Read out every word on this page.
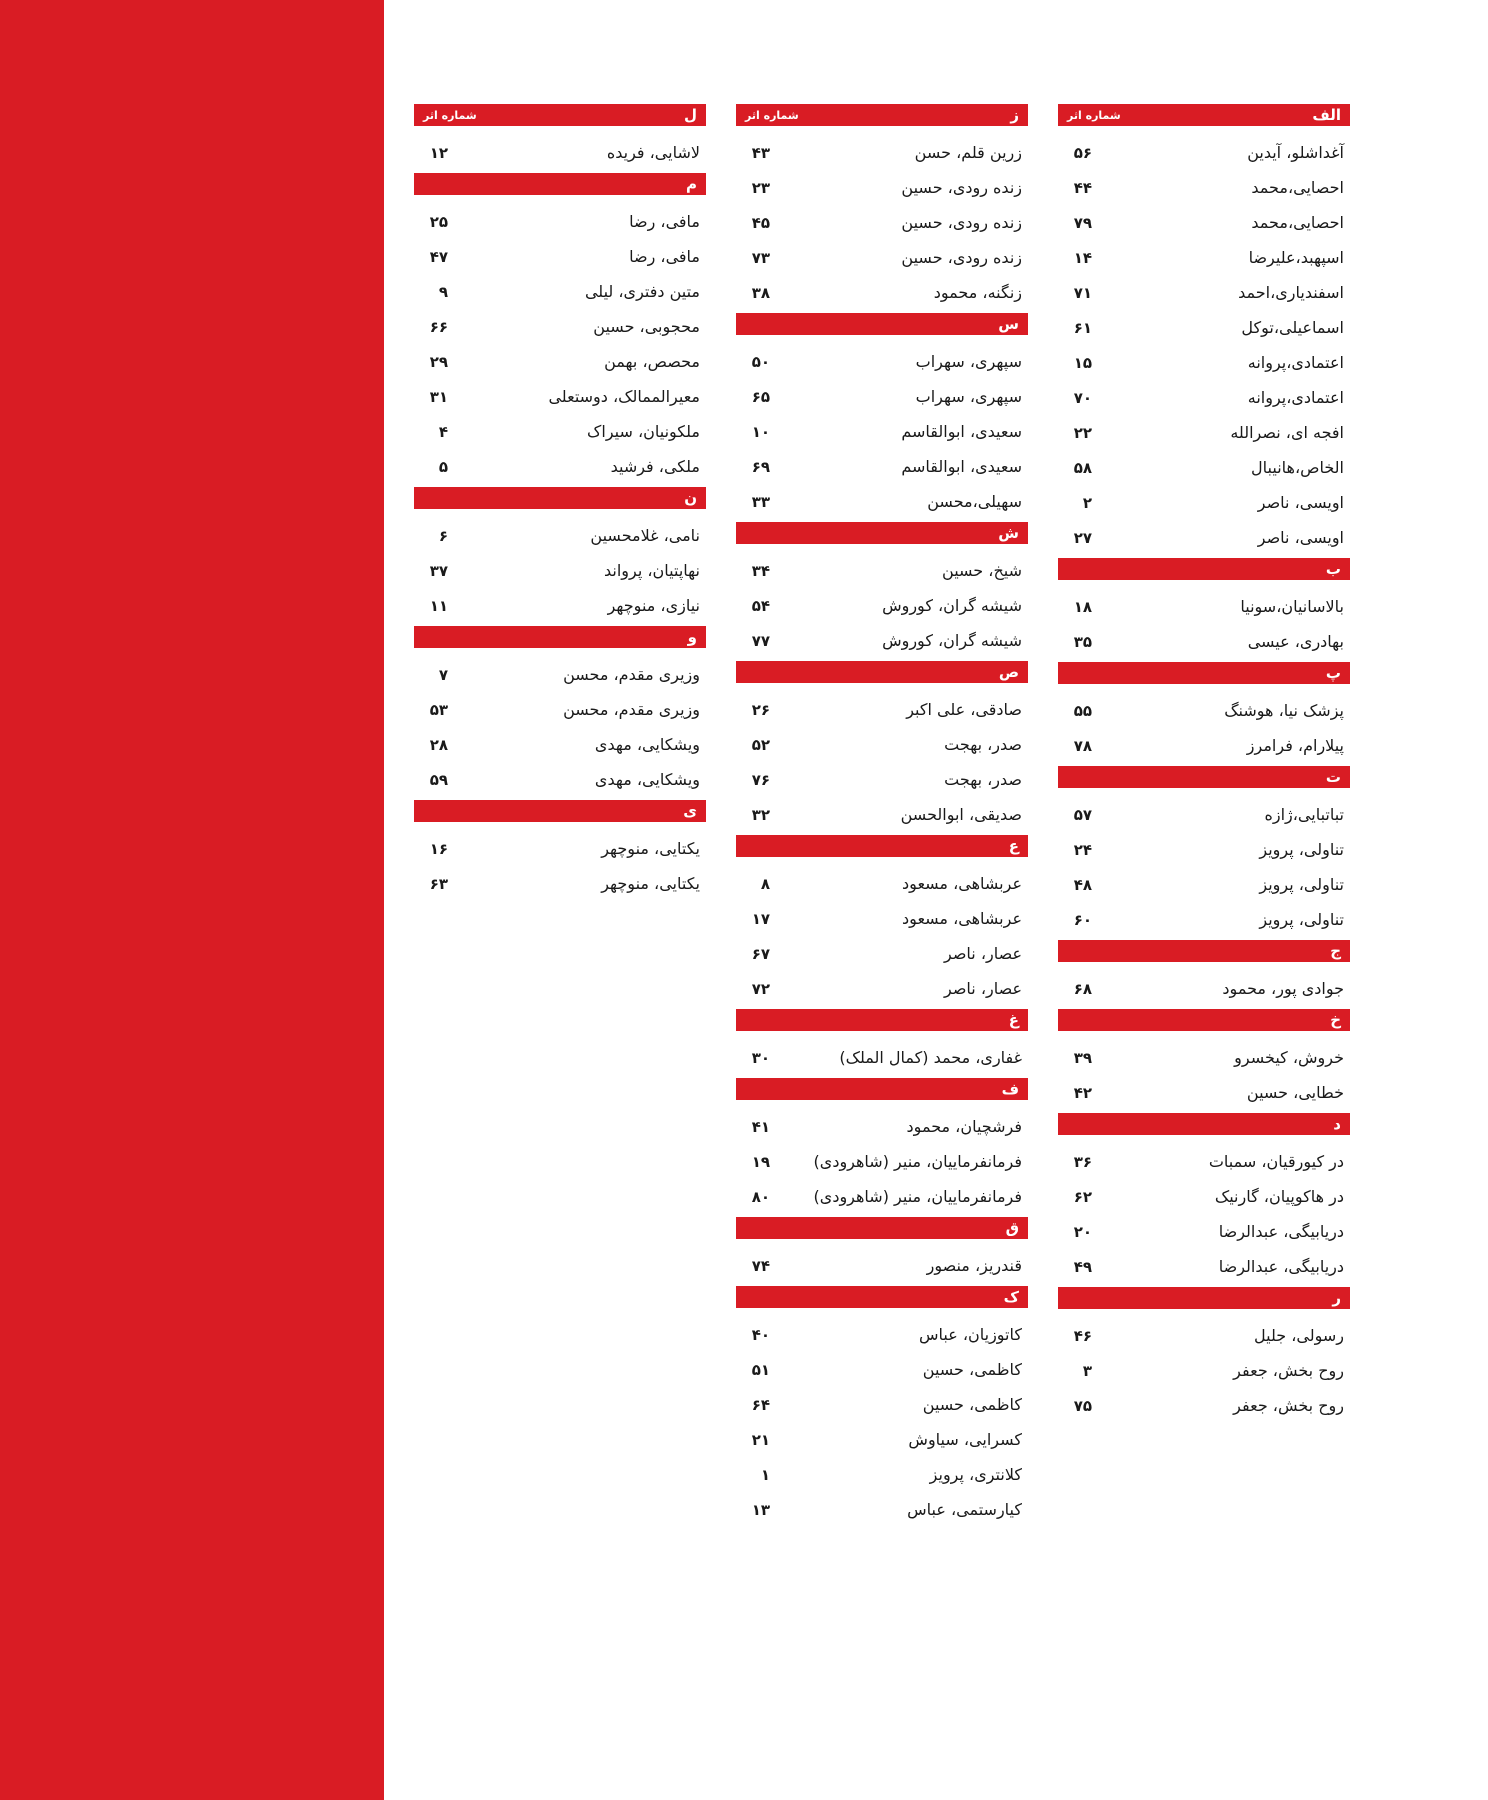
الف
شماره اثر
آغداشلو، آیدین
۵۶
احصایی،محمد
۴۴
احصایی،محمد
۷۹
اسپهبد،علیرضا
۱۴
اسفندیاری،احمد
۷۱
اسماعیلی،توکل
۶۱
اعتمادی،پروانه
۱۵
اعتمادی،پروانه
۷۰
افجه ای، نصرالله
۲۲
الخاص،هانیبال
۵۸
اویسی، ناصر
۲
اویسی، ناصر
۲۷
ب
بالاسانیان،سونیا
۱۸
بهادری، عیسی
۳۵
پ
پزشک نیا، هوشنگ
۵۵
پیلارام، فرامرز
۷۸
ت
تباتبایی،ژازه
۵۷
تناولی، پرویز
۲۴
تناولی، پرویز
۴۸
تناولی، پرویز
۶۰
ج
جوادی پور، محمود
۶۸
خ
خروش، کیخسرو
۳۹
خطایی، حسین
۴۲
د
در کیورقیان، سمبات
۳۶
در هاکوپیان، گارنیک
۶۲
دریابیگی، عبدالرضا
۲۰
دریابیگی، عبدالرضا
۴۹
ر
رسولی، جلیل
۴۶
روح بخش، جعفر
۳
روح بخش، جعفر
۷۵
ز
شماره اثر
زرین قلم، حسن
۴۳
زنده رودی، حسین
۲۳
زنده رودی، حسین
۴۵
زنده رودی، حسین
۷۳
زنگنه، محمود
۳۸
س
سپهری، سهراب
۵۰
سپهری، سهراب
۶۵
سعیدی، ابوالقاسم
۱۰
سعیدی، ابوالقاسم
۶۹
سهیلی،محسن
۳۳
ش
شیخ، حسین
۳۴
شیشه گران، کوروش
۵۴
شیشه گران، کوروش
۷۷
ص
صادقی، علی اکبر
۲۶
صدر، بهجت
۵۲
صدر، بهجت
۷۶
صدیقی، ابوالحسن
۳۲
ع
عربشاهی، مسعود
۸
عربشاهی، مسعود
۱۷
عصار، ناصر
۶۷
عصار، ناصر
۷۲
غ
غفاری، محمد (کمال الملک)
۳۰
ف
فرشچیان، محمود
۴۱
فرمانفرماییان، منیر (شاهرودی)
۱۹
فرمانفرماییان، منیر (شاهرودی)
۸۰
ق
قندریز، منصور
۷۴
ک
کاتوزیان، عباس
۴۰
کاظمی، حسین
۵۱
کاظمی، حسین
۶۴
کسرایی، سیاوش
۲۱
کلانتری، پرویز
۱
کیارستمی، عباس
۱۳
ل
شماره اثر
لاشایی، فریده
۱۲
م
مافی، رضا
۲۵
مافی، رضا
۴۷
متین دفتری، لیلی
۹
محجوبی، حسین
۶۶
محصص، بهمن
۲۹
معیرالممالک، دوستعلی
۳۱
ملکونیان، سیراک
۴
ملکی، فرشید
۵
ن
نامی، غلامحسین
۶
نهاپتیان، پرواند
۳۷
نیازی، منوچهر
۱۱
و
وزیری مقدم، محسن
۷
وزیری مقدم، محسن
۵۳
ویشکایی، مهدی
۲۸
ویشکایی، مهدی
۵۹
ی
یکتایی، منوچهر
۱۶
یکتایی، منوچهر
۶۳
